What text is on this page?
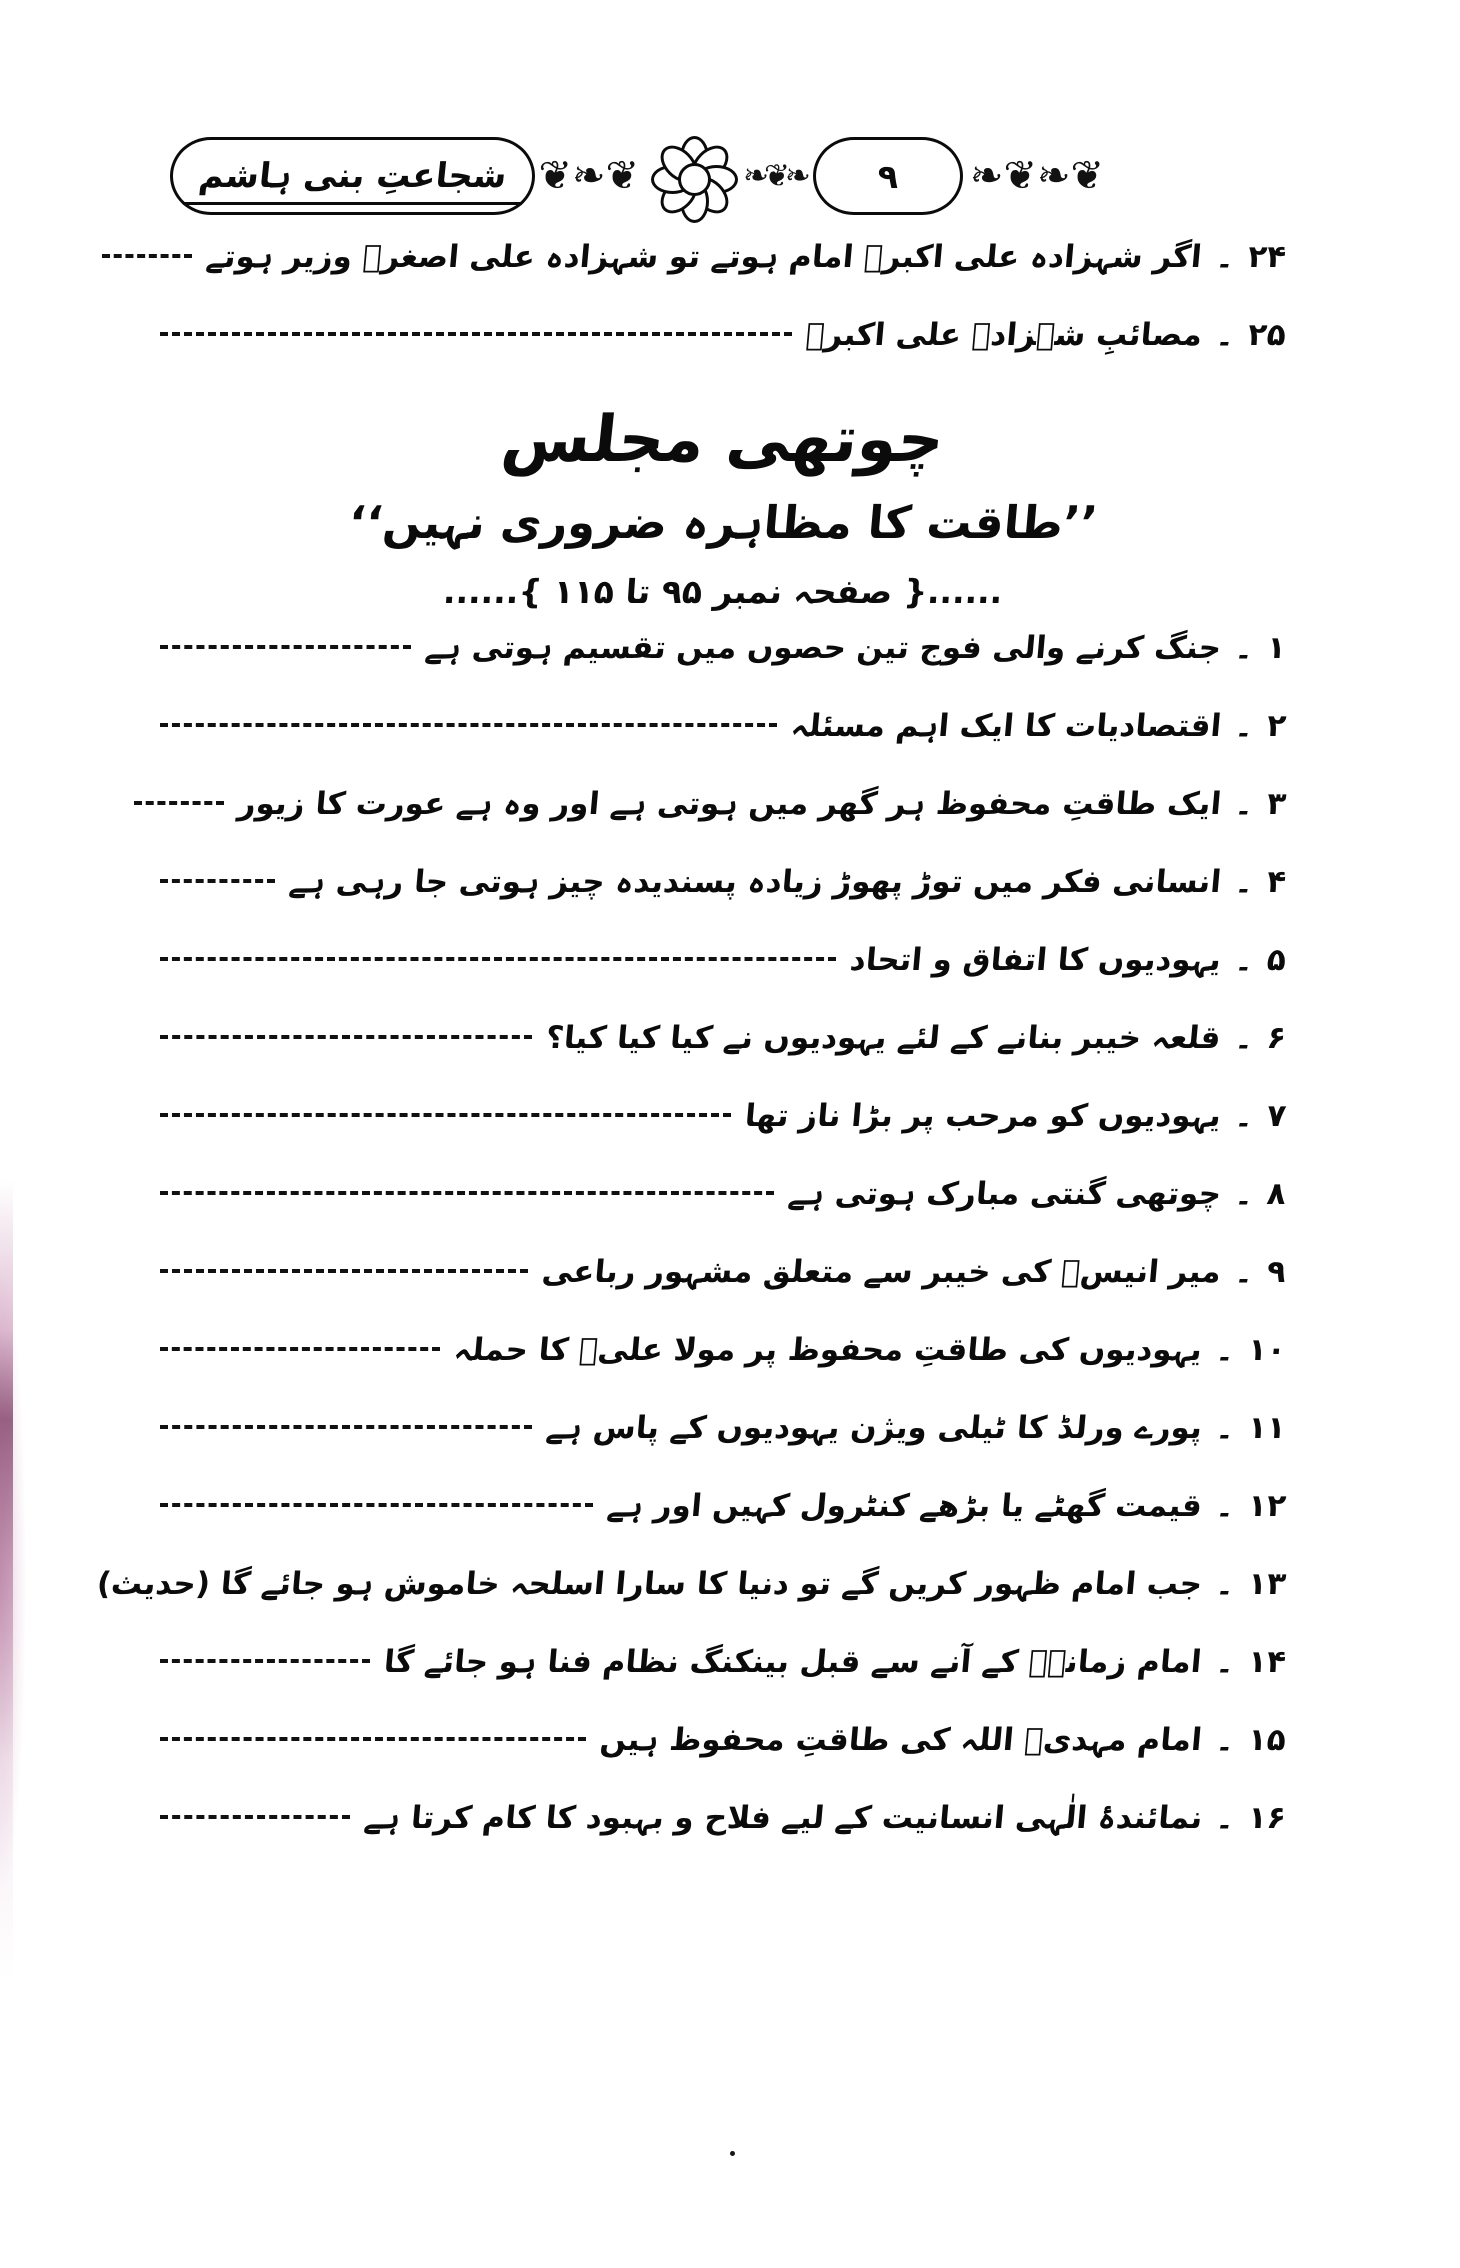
شجاعتِ بنی ہاشم ❦❧❦	❧❦❧ ۹ ❦❧❦❧
۲۴
۔
اگر شہزادہ علی اکبرؑ امام ہوتے تو شہزادہ علی اصغرؑ وزیر ہوتے
۲۵
۔
مصائبِ شہزادہ علی اکبرؑ
چوتھی مجلس
’’طاقت کا مظاہرہ ضروری نہیں‘‘
......{ صفحہ نمبر ۹۵ تا ۱۱۵ }......
۱
۔
جنگ کرنے والی فوج تین حصوں میں تقسیم ہوتی ہے
۲
۔
اقتصادیات کا ایک اہم مسئلہ
۳
۔
ایک طاقتِ محفوظ ہر گھر میں ہوتی ہے اور وہ ہے عورت کا زیور
۴
۔
انسانی فکر میں توڑ پھوڑ زیادہ پسندیدہ چیز ہوتی جا رہی ہے
۵
۔
یہودیوں کا اتفاق و اتحاد
۶
۔
قلعہ خیبر بنانے کے لئے یہودیوں نے کیا کیا کیا؟
۷
۔
یہودیوں کو مرحب پر بڑا ناز تھا
۸
۔
چوتھی گنتی مبارک ہوتی ہے
۹
۔
میر انیسؔ کی خیبر سے متعلق مشہور رباعی
۱۰
۔
یہودیوں کی طاقتِ محفوظ پر مولا علیؑ کا حملہ
۱۱
۔
پورے ورلڈ کا ٹیلی ویژن یہودیوں کے پاس ہے
۱۲
۔
قیمت گھٹے یا بڑھے کنٹرول کہیں اور ہے
۱۳
۔
جب امام ظہور کریں گے تو دنیا کا سارا اسلحہ خاموش ہو جائے گا (حدیث)
۱۴
۔
امام زمانہؑ کے آنے سے قبل بینکنگ نظام فنا ہو جائے گا
۱۵
۔
امام مہدیؑ اللہ کی طاقتِ محفوظ ہیں
۱۶
۔
نمائندۂ الٰہی انسانیت کے لیے فلاح و بہبود کا کام کرتا ہے
